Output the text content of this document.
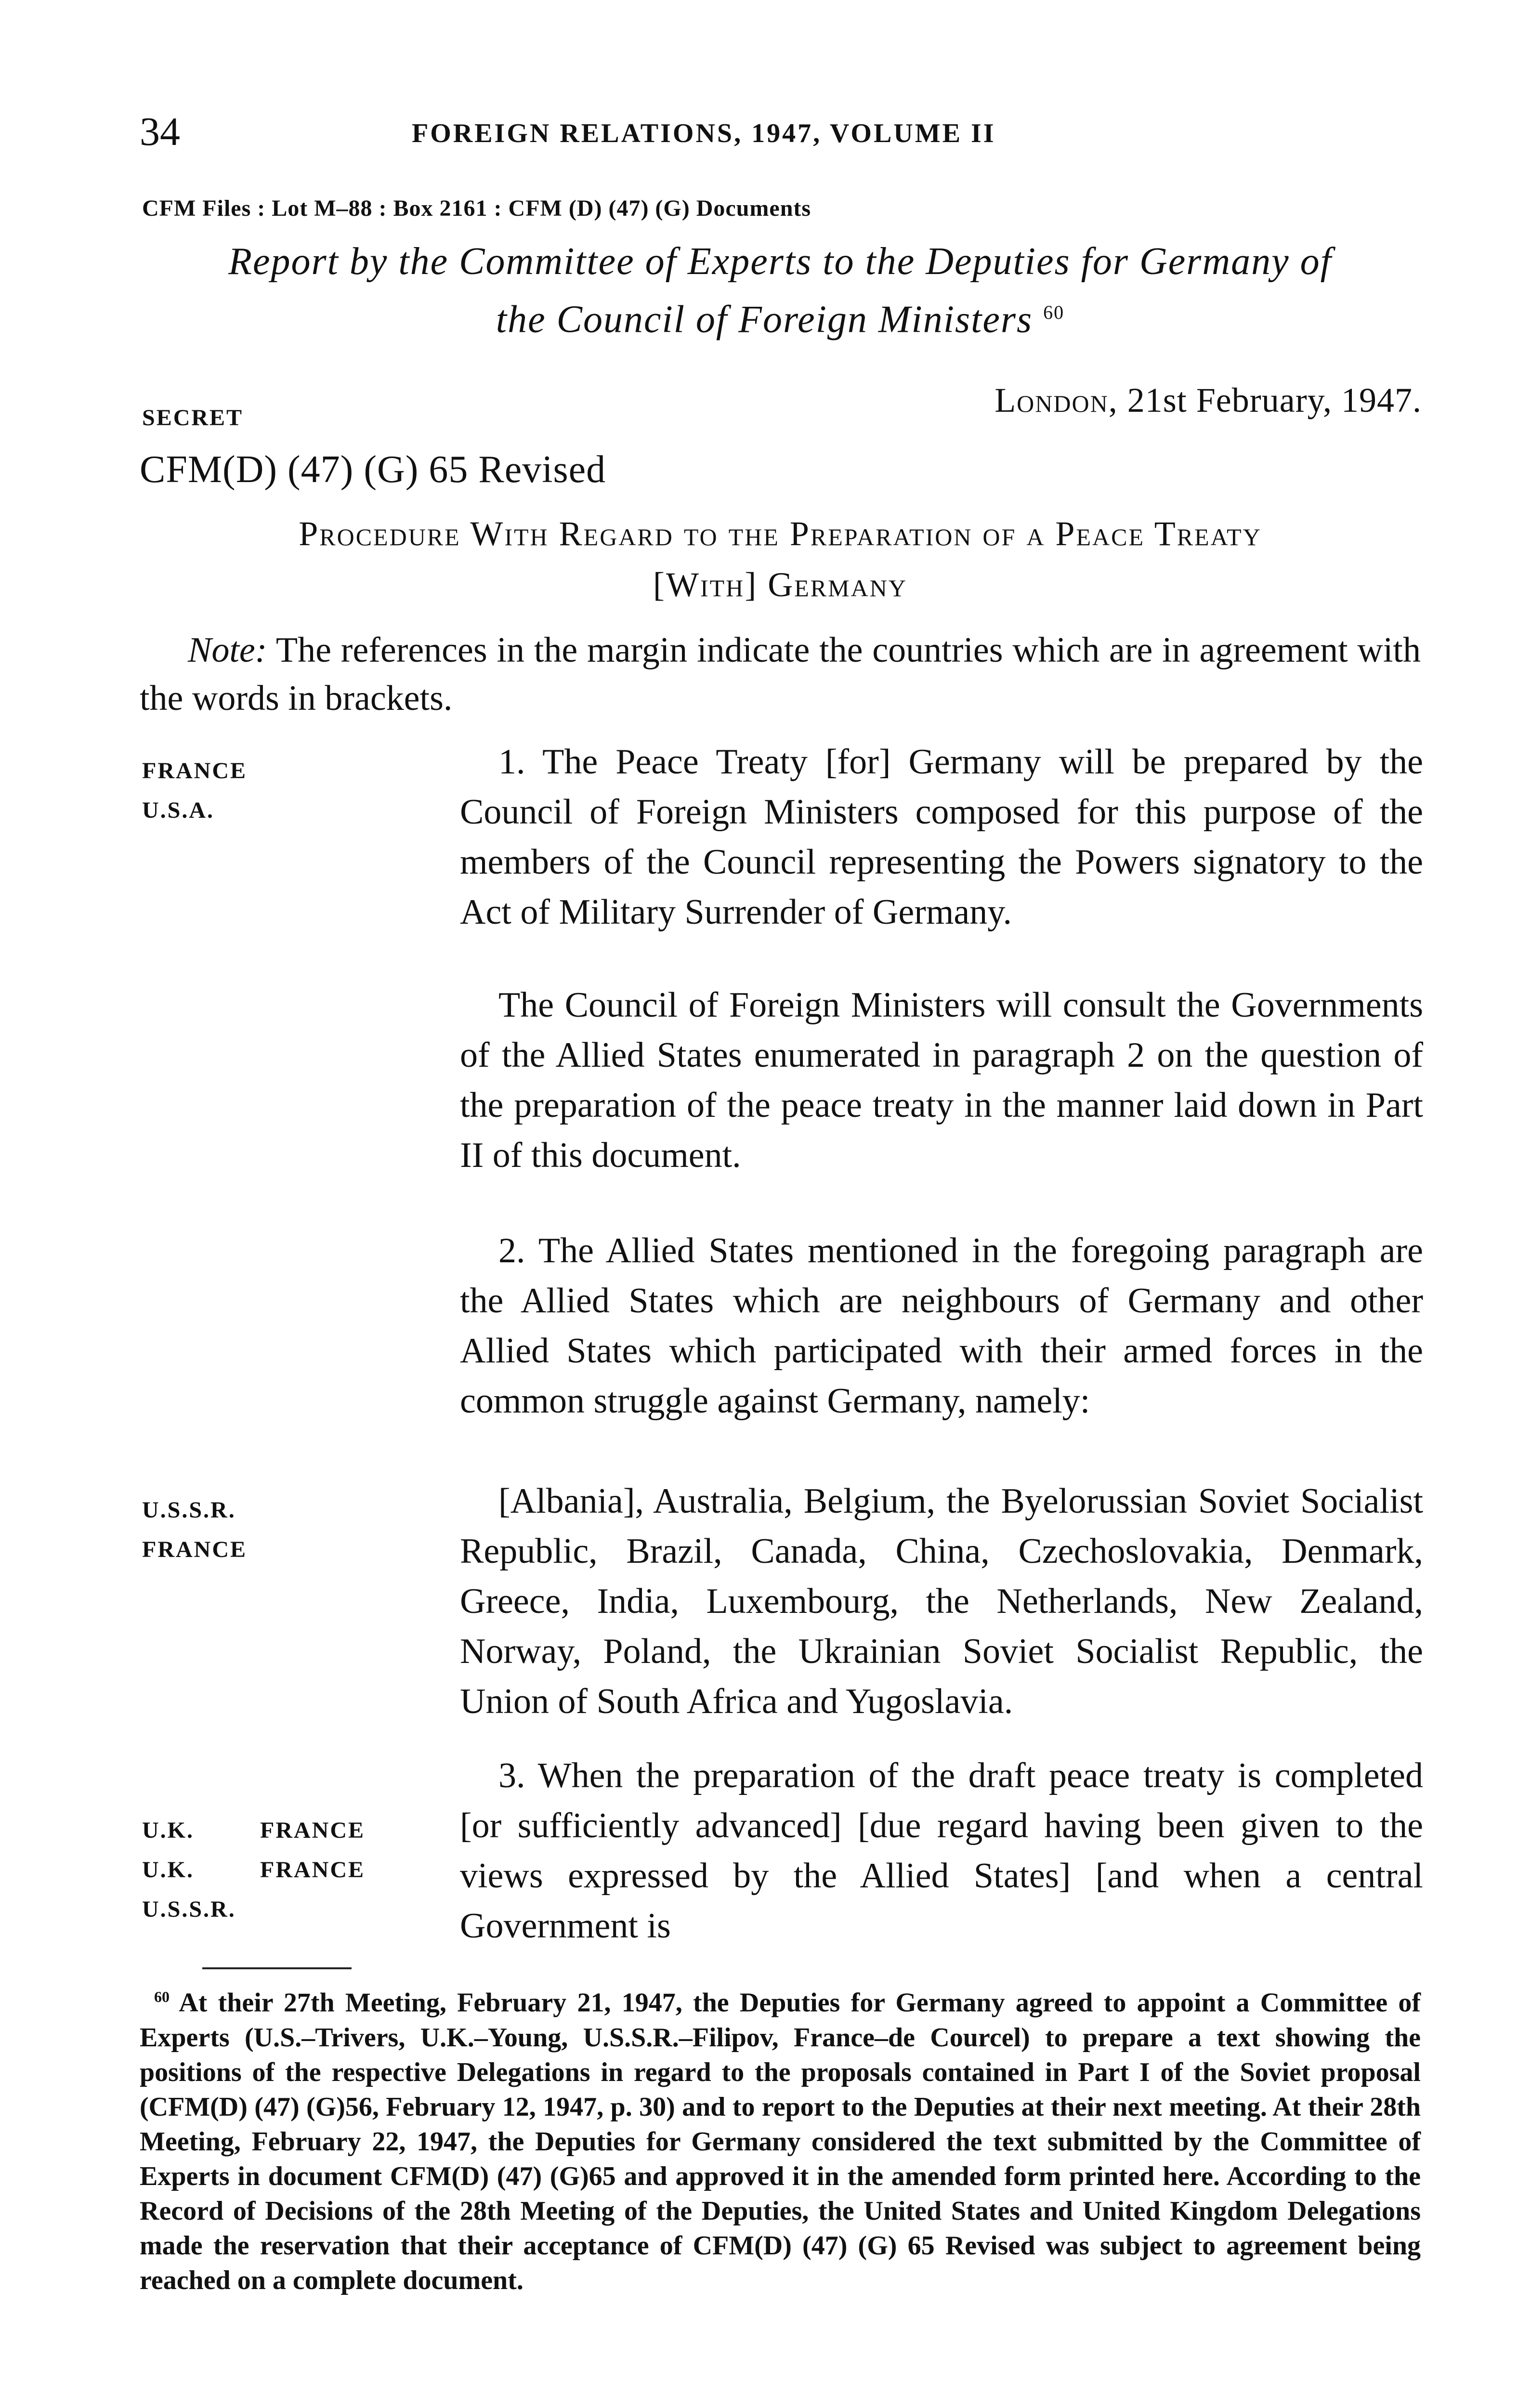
34	FOREIGN RELATIONS, 1947, VOLUME II
CFM Files : Lot M–88 : Box 2161 : CFM (D) (47) (G) Documents
Report by the Committee of Experts to the Deputies for Germany of
the Council of Foreign Ministers $^{60}$
SECRET	London, 21st February, 1947.
CFM(D) (47) (G) 65 Revised
Procedure With Regard to the Preparation of a Peace Treaty
[With] Germany
Note: The references in the margin indicate the countries which are in agreement with the words in brackets.
FRANCE
U.S.A.
1. The Peace Treaty [for] Germany will be prepared by the Council of Foreign Ministers composed for this purpose of the members of the Council representing the Powers signatory to the Act of Military Surrender of Germany.
The Council of Foreign Ministers will consult the Governments of the Allied States enumerated in paragraph 2 on the question of the preparation of the peace treaty in the manner laid down in Part II of this document.
2. The Allied States mentioned in the foregoing paragraph are the Allied States which are neighbours of Germany and other Allied States which participated with their armed forces in the common struggle against Germany, namely:
U.S.S.R.
FRANCE
[Albania], Australia, Belgium, the Byelorussian Soviet Socialist Republic, Brazil, Canada, China, Czechoslovakia, Denmark, Greece, India, Luxembourg, the Netherlands, New Zealand, Norway, Poland, the Ukrainian Soviet Socialist Republic, the Union of South Africa and Yugoslavia.
U.K.	FRANCE
U.K.	FRANCE
U.S.S.R.
3. When the preparation of the draft peace treaty is completed [or sufficiently advanced] [due regard having been given to the views expressed by the Allied States] [and when a central Government is
$^{60}$ At their 27th Meeting, February 21, 1947, the Deputies for Germany agreed to appoint a Committee of Experts (U.S.–Trivers, U.K.–Young, U.S.S.R.–Filipov, France–de Courcel) to prepare a text showing the positions of the respective Delegations in regard to the proposals contained in Part I of the Soviet proposal (CFM(D) (47) (G)56, February 12, 1947, p. 30) and to report to the Deputies at their next meeting. At their 28th Meeting, February 22, 1947, the Deputies for Germany considered the text submitted by the Committee of Experts in document CFM(D) (47) (G)65 and approved it in the amended form printed here. According to the Record of Decisions of the 28th Meeting of the Deputies, the United States and United Kingdom Delegations made the reservation that their acceptance of CFM(D) (47) (G) 65 Revised was subject to agreement being reached on a complete document.
